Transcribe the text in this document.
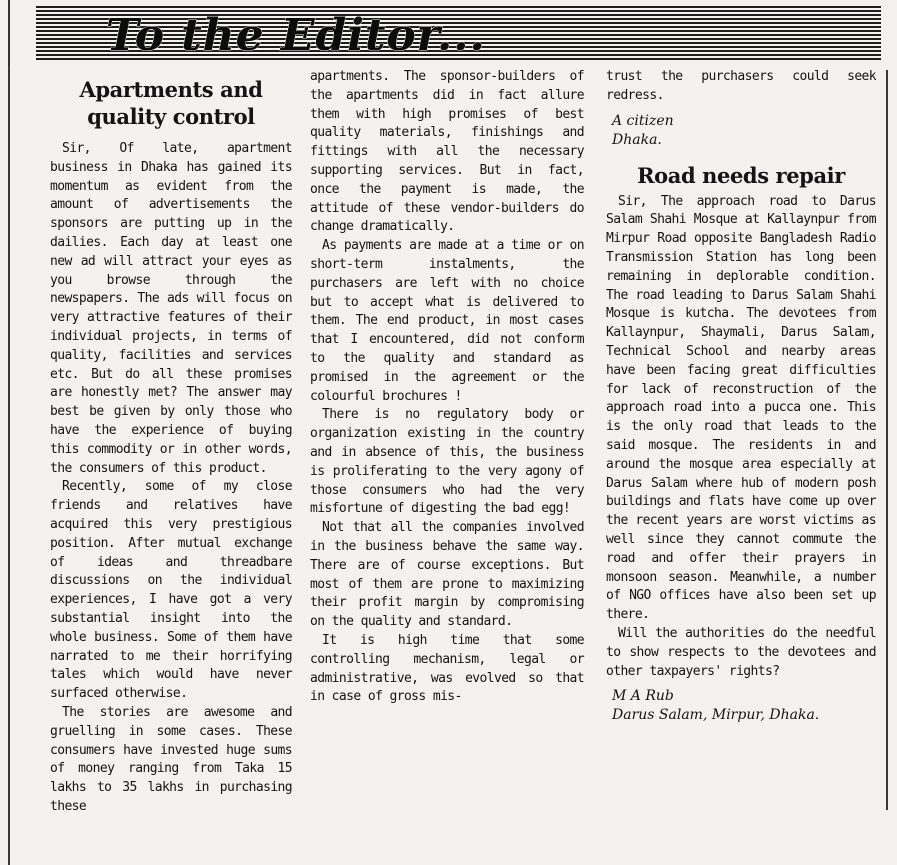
To the Editor...
Apartments and quality control

Sir, Of late, apartment business in Dhaka has gained its momentum as evident from the amount of advertisements the sponsors are putting up in the dailies. Each day at least one new ad will attract your eyes as you browse through the newspapers. The ads will focus on very attractive features of their individual projects, in terms of quality, facilities and services etc. But do all these promises are honestly met? The answer may best be given by only those who have the experience of buying this commodity or in other words, the consumers of this product.

Recently, some of my close friends and relatives have acquired this very prestigious position. After mutual exchange of ideas and threadbare discussions on the individual experiences, I have got a very substantial insight into the whole business. Some of them have narrated to me their horrifying tales which would have never surfaced otherwise.

The stories are awesome and gruelling in some cases. These consumers have invested huge sums of money ranging from Taka 15 lakhs to 35 lakhs in purchasing these

apartments. The sponsor-builders of the apartments did in fact allure them with high promises of best quality materials, finishings and fittings with all the necessary supporting services. But in fact, once the payment is made, the attitude of these vendor-builders do change dramatically.

As payments are made at a time or on short-term instalments, the purchasers are left with no choice but to accept what is delivered to them. The end product, in most cases that I encountered, did not conform to the quality and standard as promised in the agreement or the colourful brochures !

There is no regulatory body or organization existing in the country and in absence of this, the business is proliferating to the very agony of those consumers who had the very misfortune of digesting the bad egg!

Not that all the companies involved in the business behave the same way. There are of course exceptions. But most of them are prone to maximizing their profit margin by compromising on the quality and standard.

It is high time that some controlling mechanism, legal or administrative, was evolved so that in case of gross mis-

trust the purchasers could seek redress.

A citizen

Dhaka.

Road needs repair

Sir, The approach road to Darus Salam Shahi Mosque at Kallaynpur from Mirpur Road opposite Bangladesh Radio Transmission Station has long been remaining in deplorable condition. The road leading to Darus Salam Shahi Mosque is kutcha. The devotees from Kallaynpur, Shaymali, Darus Salam, Technical School and nearby areas have been facing great difficulties for lack of reconstruction of the approach road into a pucca one. This is the only road that leads to the said mosque. The residents in and around the mosque area especially at Darus Salam where hub of modern posh buildings and flats have come up over the recent years are worst victims as well since they cannot commute the road and offer their prayers in monsoon season. Meanwhile, a number of NGO offices have also been set up there.

Will the authorities do the needful to show respects to the devotees and other taxpayers' rights?

M A Rub

Darus Salam, Mirpur, Dhaka.
